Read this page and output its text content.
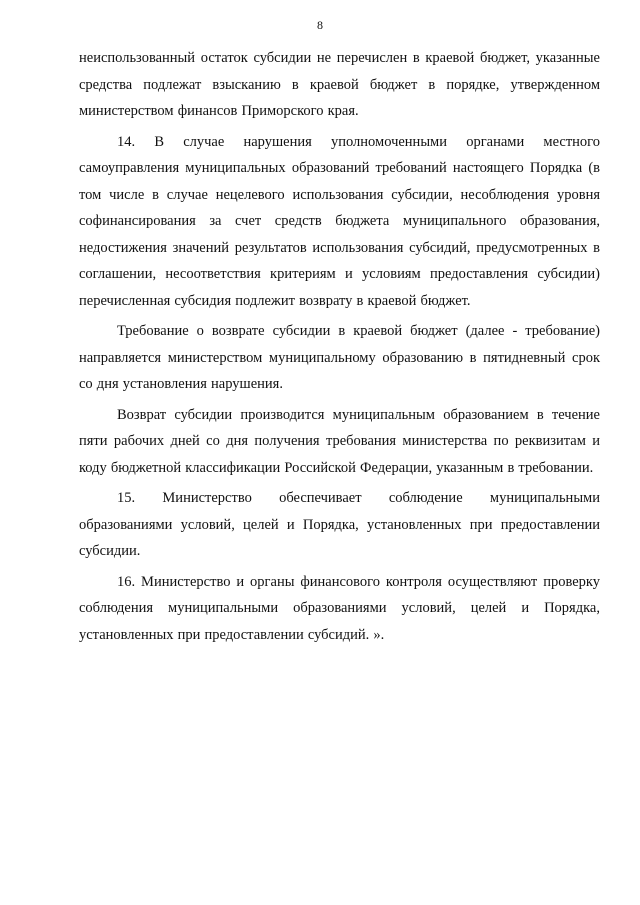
8

неиспользованный остаток субсидии не перечислен в краевой бюджет, указанные средства подлежат взысканию в краевой бюджет в порядке, утвержденном министерством финансов Приморского края.

14. В случае нарушения уполномоченными органами местного самоуправления муниципальных образований требований настоящего Порядка (в том числе в случае нецелевого использования субсидии, несоблюдения уровня софинансирования за счет средств бюджета муниципального образования, недостижения значений результатов использования субсидий, предусмотренных в соглашении, несоответствия критериям и условиям предоставления субсидии) перечисленная субсидия подлежит возврату в краевой бюджет.

Требование о возврате субсидии в краевой бюджет (далее - требование) направляется министерством муниципальному образованию в пятидневный срок со дня установления нарушения.

Возврат субсидии производится муниципальным образованием в течение пяти рабочих дней со дня получения требования министерства по реквизитам и коду бюджетной классификации Российской Федерации, указанным в требовании.

15. Министерство обеспечивает соблюдение муниципальными образованиями условий, целей и Порядка, установленных при предоставлении субсидии.

16. Министерство и органы финансового контроля осуществляют проверку соблюдения муниципальными образованиями условий, целей и Порядка, установленных при предоставлении субсидий. ».
